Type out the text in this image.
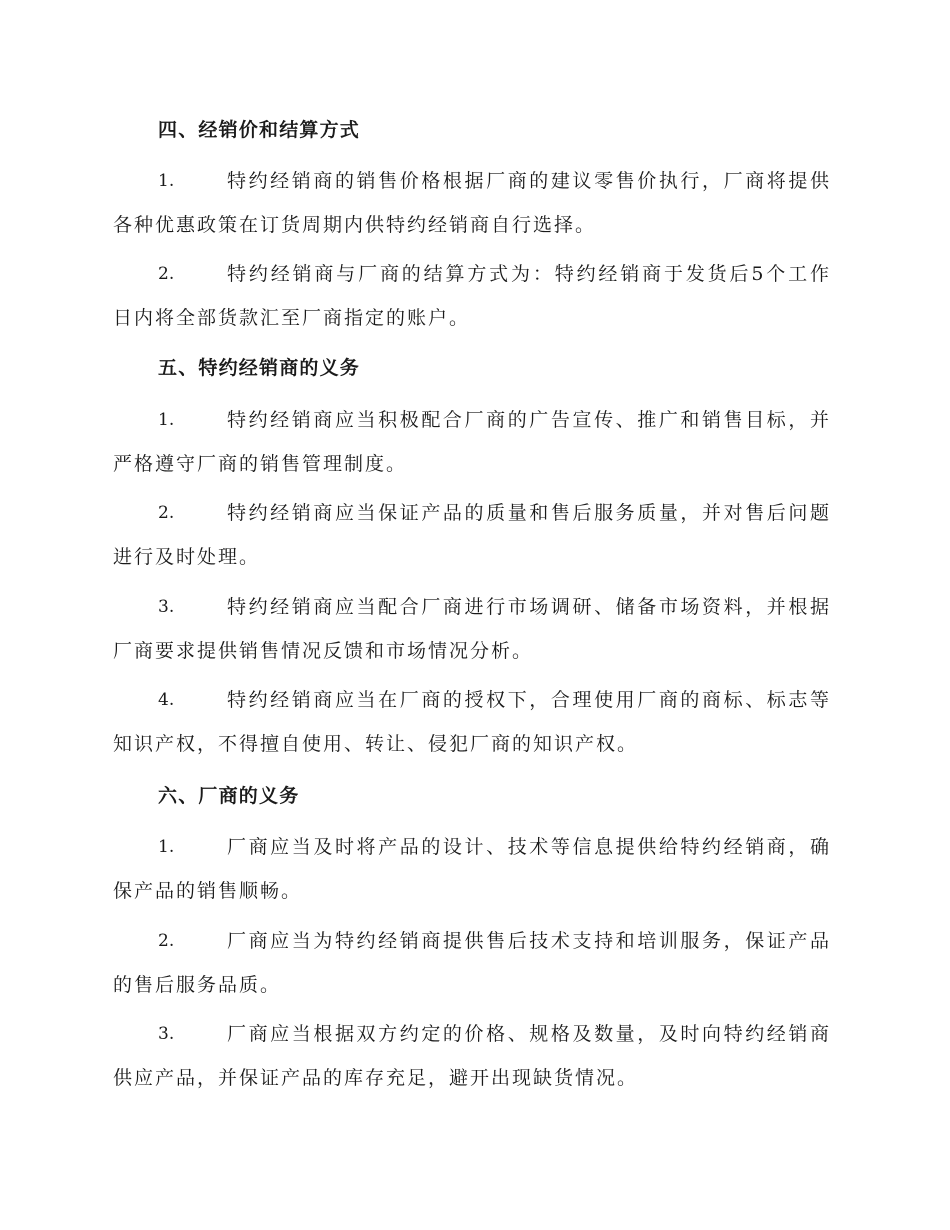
四、经销价和结算方式
1.	特约经销商的销售价格根据厂商的建议零售价执行，厂商将提供
各种优惠政策在订货周期内供特约经销商自行选择。
2.	特约经销商与厂商的结算方式为：特约经销商于发货后5个工作
日内将全部货款汇至厂商指定的账户。
五、特约经销商的义务
1.	特约经销商应当积极配合厂商的广告宣传、推广和销售目标，并
严格遵守厂商的销售管理制度。
2.	特约经销商应当保证产品的质量和售后服务质量，并对售后问题
进行及时处理。
3.	特约经销商应当配合厂商进行市场调研、储备市场资料，并根据
厂商要求提供销售情况反馈和市场情况分析。
4.	特约经销商应当在厂商的授权下，合理使用厂商的商标、标志等
知识产权，不得擅自使用、转让、侵犯厂商的知识产权。
六、厂商的义务
1.	厂商应当及时将产品的设计、技术等信息提供给特约经销商，确
保产品的销售顺畅。
2.	厂商应当为特约经销商提供售后技术支持和培训服务，保证产品
的售后服务品质。
3.	厂商应当根据双方约定的价格、规格及数量，及时向特约经销商
供应产品，并保证产品的库存充足，避开出现缺货情况。
